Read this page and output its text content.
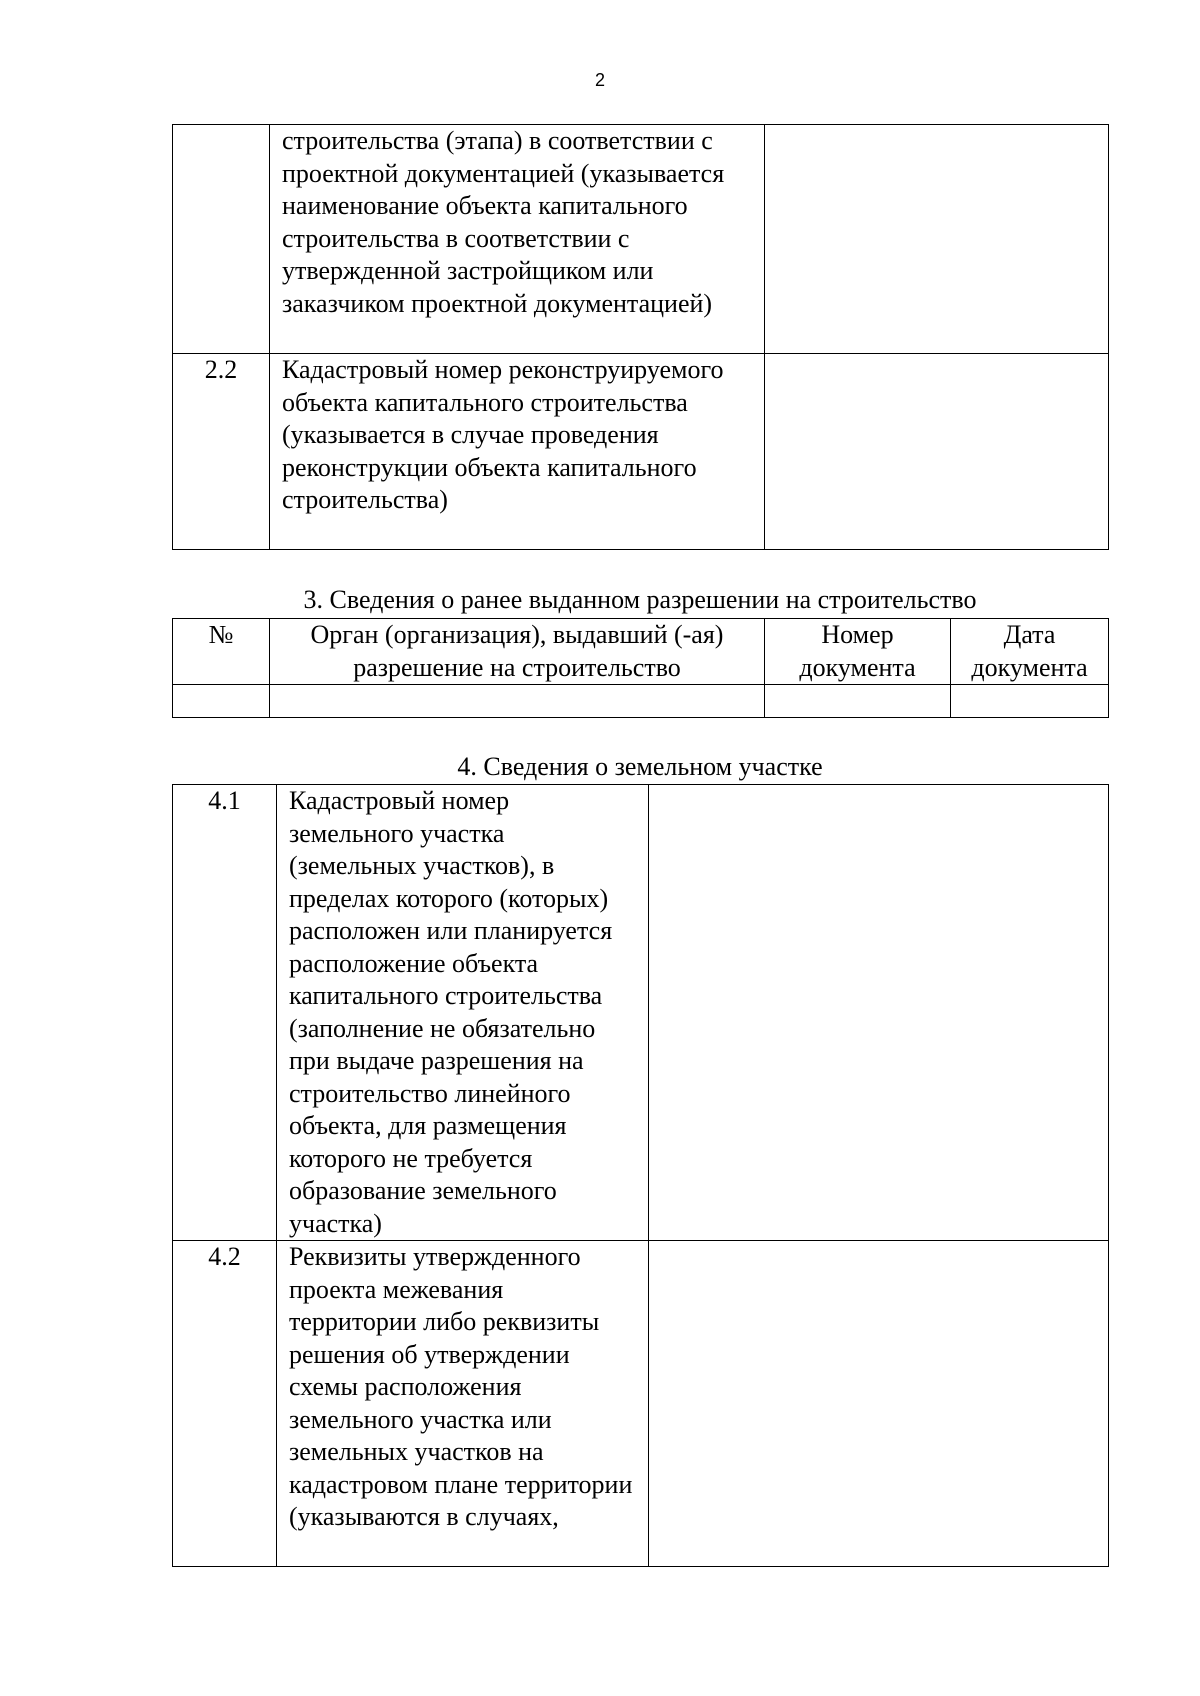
2
	строительства (этапа) в соответствии с проектной документацией (указывается наименование объекта капитального строительства в соответствии с утвержденной застройщиком или заказчиком проектной документацией)	
2.2	Кадастровый номер реконструируемого объекта капитального строительства (указывается в случае проведения реконструкции объекта капитального строительства)	
3. Сведения о ранее выданном разрешении на строительство
№	Орган (организация), выдавший (-ая) разрешение на строительство	Номер документа	Дата документа

4. Сведения о земельном участке
4.1	Кадастровый номер земельного участка (земельных участков), в пределах которого (которых) расположен или планируется расположение объекта капитального строительства (заполнение не обязательно при выдаче разрешения на строительство линейного объекта, для размещения которого не требуется образование земельного участка)	
4.2	Реквизиты утвержденного проекта межевания территории либо реквизиты решения об утверждении схемы расположения земельного участка или земельных участков на кадастровом плане территории (указываются в случаях,	
